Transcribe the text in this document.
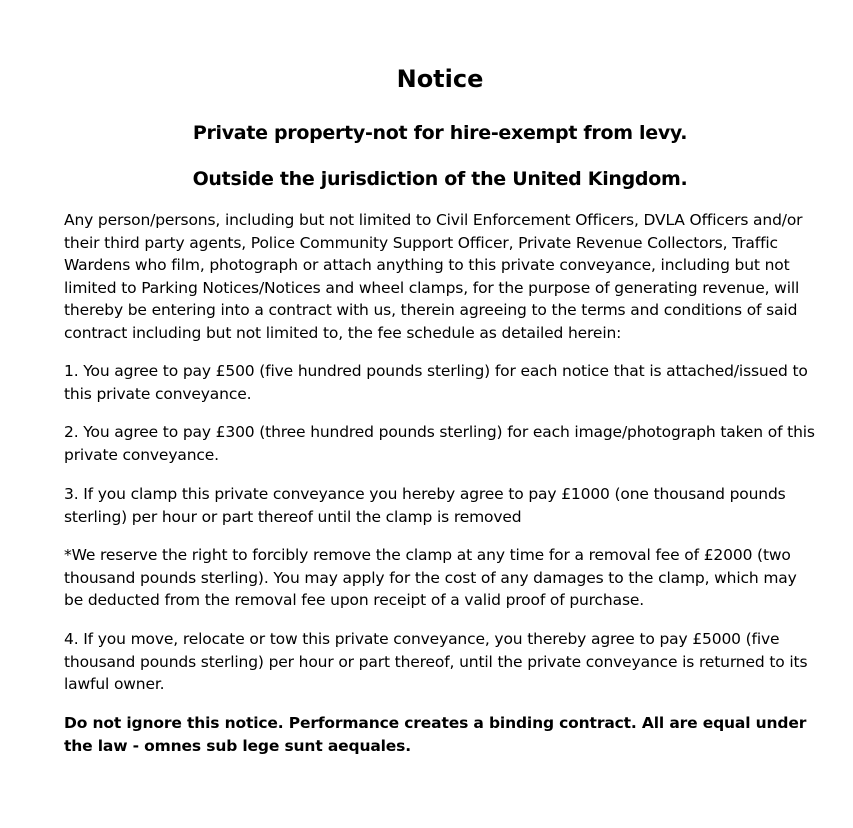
Notice
Private property-not for hire-exempt from levy.
Outside the jurisdiction of the United Kingdom.
Any person/persons, including but not limited to Civil Enforcement Officers, DVLA Officers and/or their third party agents, Police Community Support Officer, Private Revenue Collectors, Traffic Wardens who film, photograph or attach anything to this private conveyance, including but not limited to Parking Notices/Notices and wheel clamps, for the purpose of generating revenue, will thereby be entering into a contract with us, therein agreeing to the terms and conditions of said contract including but not limited to, the fee schedule as detailed herein:
1. You agree to pay £500 (five hundred pounds sterling) for each notice that is attached/issued to this private conveyance.
2. You agree to pay £300 (three hundred pounds sterling) for each image/photograph taken of this private conveyance.
3. If you clamp this private conveyance you hereby agree to pay £1000 (one thousand pounds sterling) per hour or part thereof until the clamp is removed
*We reserve the right to forcibly remove the clamp at any time for a removal fee of £2000 (two thousand pounds sterling). You may apply for the cost of any damages to the clamp, which may be deducted from the removal fee upon receipt of a valid proof of purchase.
4. If you move, relocate or tow this private conveyance, you thereby agree to pay £5000 (five thousand pounds sterling) per hour or part thereof, until the private conveyance is returned to its lawful owner.
Do not ignore this notice. Performance creates a binding contract. All are equal under the law - omnes sub lege sunt aequales.
